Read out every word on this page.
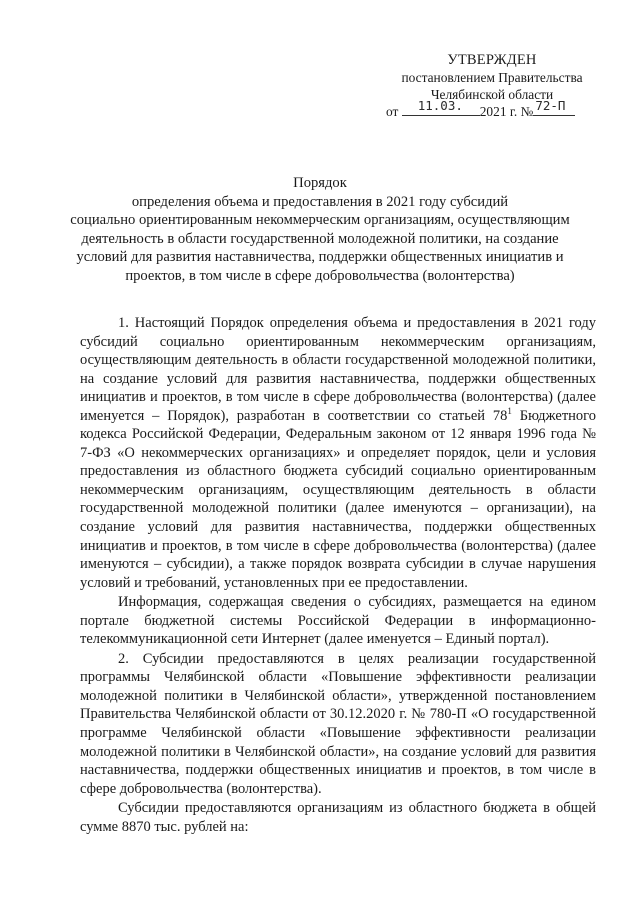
УТВЕРЖДЕН
постановлением Правительства
Челябинской области
от 11.03. 2021 г. № 72-П
Порядок
определения объема и предоставления в 2021 году субсидий
социально ориентированным некоммерческим организациям, осуществляющим
деятельность в области государственной молодежной политики, на создание
условий для развития наставничества, поддержки общественных инициатив и
проектов, в том числе в сфере добровольчества (волонтерства)

1. Настоящий Порядок определения объема и предоставления в 2021 году субсидий социально ориентированным некоммерческим организациям, осуществляющим деятельность в области государственной молодежной политики, на создание условий для развития наставничества, поддержки общественных инициатив и проектов, в том числе в сфере добровольчества (волонтерства) (далее именуется – Порядок), разработан в соответствии со статьей $78^1$ Бюджетного кодекса Российской Федерации, Федеральным законом от 12 января 1996 года № 7-ФЗ «О некоммерческих организациях» и определяет порядок, цели и условия предоставления из областного бюджета субсидий социально ориентированным некоммерческим организациям, осуществляющим деятельность в области государственной молодежной политики (далее именуются – организации), на создание условий для развития наставничества, поддержки общественных инициатив и проектов, в том числе в сфере добровольчества (волонтерства) (далее именуются – субсидии), а также порядок возврата субсидии в случае нарушения условий и требований, установленных при ее предоставлении.

Информация, содержащая сведения о субсидиях, размещается на едином портале бюджетной системы Российской Федерации в информационно-телекоммуникационной сети Интернет (далее именуется – Единый портал).

2. Субсидии предоставляются в целях реализации государственной программы Челябинской области «Повышение эффективности реализации молодежной политики в Челябинской области», утвержденной постановлением Правительства Челябинской области от 30.12.2020 г. № 780-П «О государственной программе Челябинской области «Повышение эффективности реализации молодежной политики в Челябинской области», на создание условий для развития наставничества, поддержки общественных инициатив и проектов, в том числе в сфере добровольчества (волонтерства).

Субсидии предоставляются организациям из областного бюджета в общей сумме 8870 тыс. рублей на:
